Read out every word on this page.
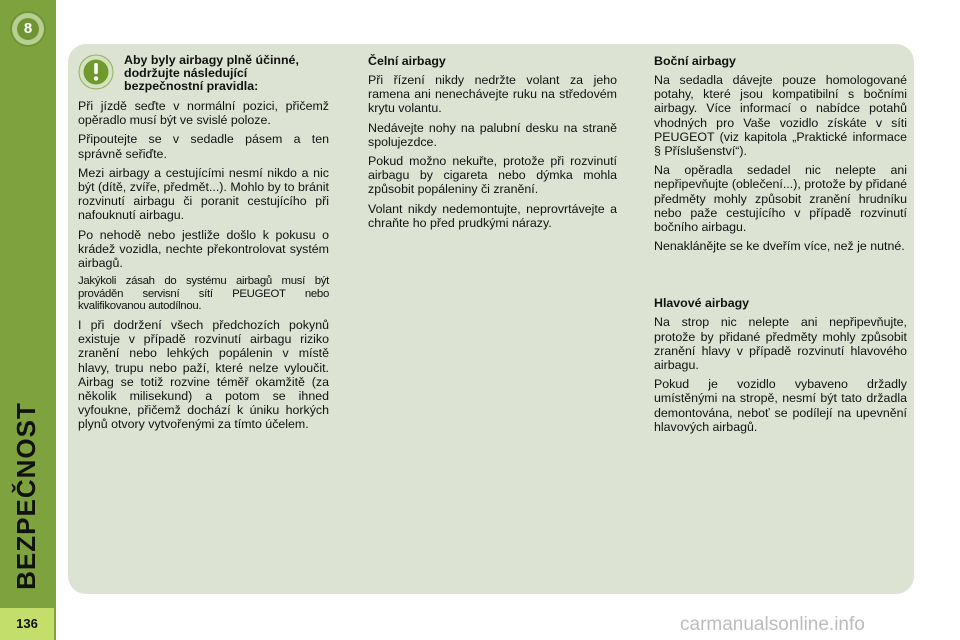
8
BEZPEČNOST
136
Aby byly airbagy plně účinné, dodržujte následující bezpečnostní pravidla:

Při jízdě seďte v normální pozici, přičemž opěradlo musí být ve svislé poloze.

Připoutejte se v sedadle pásem a ten správně seřiďte.

Mezi airbagy a cestujícími nesmí nikdo a nic být (dítě, zvíře, předmět...). Mohlo by to bránit rozvinutí airbagu či poranit cestujícího při nafouknutí airbagu.

Po nehodě nebo jestliže došlo k pokusu o krádež vozidla, nechte překontrolovat systém airbagů.

Jakýkoli zásah do systému airbagů musí být prováděn servisní sítí PEUGEOT nebo kvalifikovanou autodílnou.

I při dodržení všech předchozích pokynů existuje v případě rozvinutí airbagu riziko zranění nebo lehkých popálenin v místě hlavy, trupu nebo paží, které nelze vyloučit. Airbag se totiž rozvine téměř okamžitě (za několik milisekund) a potom se ihned vyfoukne, přičemž dochází k úniku horkých plynů otvory vytvořenými za tímto účelem.

Čelní airbagy

Při řízení nikdy nedržte volant za jeho ramena ani nenechávejte ruku na středovém krytu volantu.

Nedávejte nohy na palubní desku na straně spolujezdce.

Pokud možno nekuřte, protože při rozvinutí airbagu by cigareta nebo dýmka mohla způsobit popáleniny či zranění.

Volant nikdy nedemontujte, neprovrtávejte a chraňte ho před prudkými nárazy.

Boční airbagy

Na sedadla dávejte pouze homologované potahy, které jsou kompatibilní s bočními airbagy. Více informací o nabídce potahů vhodných pro Vaše vozidlo získáte v síti PEUGEOT (viz kapitola „Praktické informace § Příslušenství“).

Na opěradla sedadel nic nelepte ani nepřipevňujte (oblečení...), protože by přidané předměty mohly způsobit zranění hrudníku nebo paže cestujícího v případě rozvinutí bočního airbagu.

Nenaklánějte se ke dveřím více, než je nutné.

Hlavové airbagy

Na strop nic nelepte ani nepřipevňujte, protože by přidané předměty mohly způsobit zranění hlavy v případě rozvinutí hlavového airbagu.

Pokud je vozidlo vybaveno držadly umístěnými na stropě, nesmí být tato držadla demontována, neboť se podílejí na upevnění hlavových airbagů.

carmanualsonline.info
